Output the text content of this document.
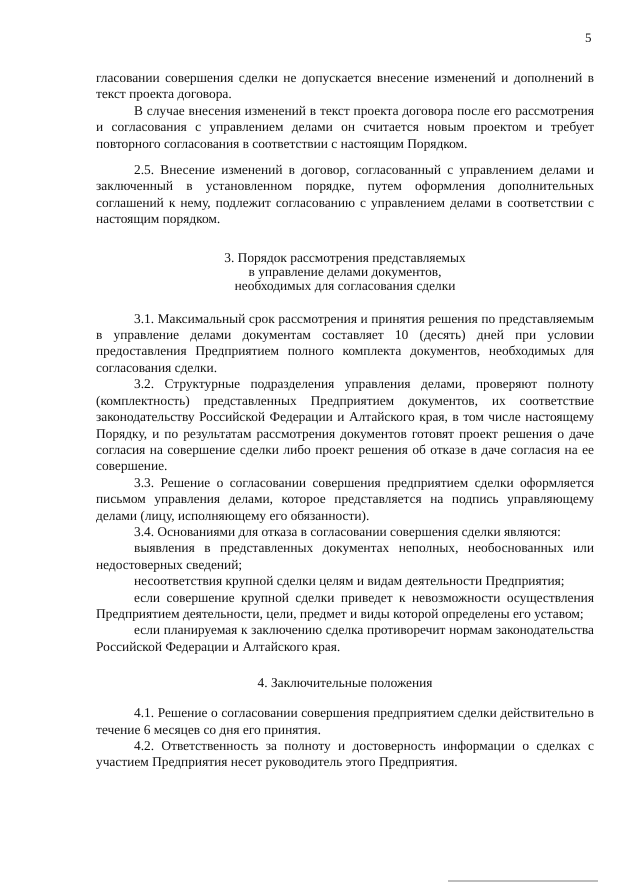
5

гласовании совершения сделки не допускается внесение изменений и дополнений в текст проекта договора.

В случае внесения изменений в текст проекта договора после его рассмотрения и согласования с управлением делами он считается новым проектом и требует повторного согласования в соответствии с настоящим Порядком.

2.5. Внесение изменений в договор, согласованный с управлением делами и заключенный в установленном порядке, путем оформления дополнительных соглашений к нему, подлежит согласованию с управлением делами в соответствии с настоящим порядком.

3. Порядок рассмотрения представляемых

в управление делами документов,

необходимых для согласования сделки

3.1. Максимальный срок рассмотрения и принятия решения по представляемым в управление делами документам составляет 10 (десять) дней при условии предоставления Предприятием полного комплекта документов, необходимых для согласования сделки.

3.2. Структурные подразделения управления делами, проверяют полноту (комплектность) представленных Предприятием документов, их соответствие законодательству Российской Федерации и Алтайского края, в том числе настоящему Порядку, и по результатам рассмотрения документов готовят проект решения о даче согласия на совершение сделки либо проект решения об отказе в даче согласия на ее совершение.

3.3. Решение о согласовании совершения предприятием сделки оформляется письмом управления делами, которое представляется на подпись управляющему делами (лицу, исполняющему его обязанности).

3.4. Основаниями для отказа в согласовании совершения сделки являются:

выявления в представленных документах неполных, необоснованных или недостоверных сведений;

несоответствия крупной сделки целям и видам деятельности Предприятия;

если совершение крупной сделки приведет к невозможности осуществления Предприятием деятельности, цели, предмет и виды которой определены его уставом;

если планируемая к заключению сделка противоречит нормам законодательства Российской Федерации и Алтайского края.

4. Заключительные положения

4.1. Решение о согласовании совершения предприятием сделки действительно в течение 6 месяцев со дня его принятия.

4.2. Ответственность за полноту и достоверность информации о сделках с участием Предприятия несет руководитель этого Предприятия.
